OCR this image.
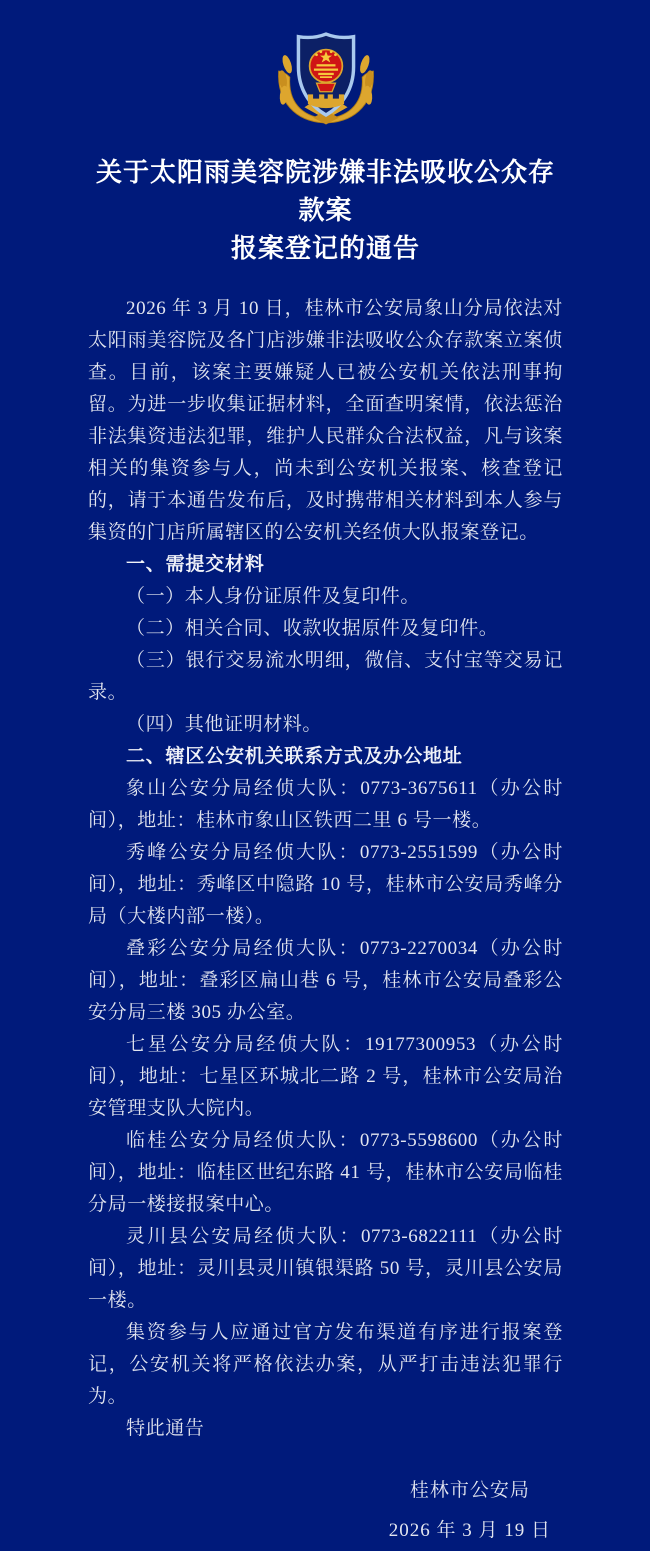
关于太阳雨美容院涉嫌非法吸收公众存款案
报案登记的通告

2026 年 3 月 10 日，桂林市公安局象山分局依法对太阳雨美容院及各门店涉嫌非法吸收公众存款案立案侦查。目前，该案主要嫌疑人已被公安机关依法刑事拘留。为进一步收集证据材料，全面查明案情，依法惩治非法集资违法犯罪，维护人民群众合法权益，凡与该案相关的集资参与人，尚未到公安机关报案、核查登记的，请于本通告发布后，及时携带相关材料到本人参与集资的门店所属辖区的公安机关经侦大队报案登记。

一、需提交材料

（一）本人身份证原件及复印件。

（二）相关合同、收款收据原件及复印件。

（三）银行交易流水明细，微信、支付宝等交易记录。

（四）其他证明材料。

二、辖区公安机关联系方式及办公地址

象山公安分局经侦大队：0773-3675611（办公时间），地址：桂林市象山区铁西二里 6 号一楼。

秀峰公安分局经侦大队：0773-2551599（办公时间），地址：秀峰区中隐路 10 号，桂林市公安局秀峰分局（大楼内部一楼）。

叠彩公安分局经侦大队：0773-2270034（办公时间），地址：叠彩区扁山巷 6 号，桂林市公安局叠彩公安分局三楼 305 办公室。

七星公安分局经侦大队：19177300953（办公时间），地址：七星区环城北二路 2 号，桂林市公安局治安管理支队大院内。

临桂公安分局经侦大队：0773-5598600（办公时间），地址：临桂区世纪东路 41 号，桂林市公安局临桂分局一楼接报案中心。

灵川县公安局经侦大队：0773-6822111（办公时间），地址：灵川县灵川镇银渠路 50 号，灵川县公安局一楼。

集资参与人应通过官方发布渠道有序进行报案登记，公安机关将严格依法办案，从严打击违法犯罪行为。

特此通告

桂林市公安局
2026 年 3 月 19 日
